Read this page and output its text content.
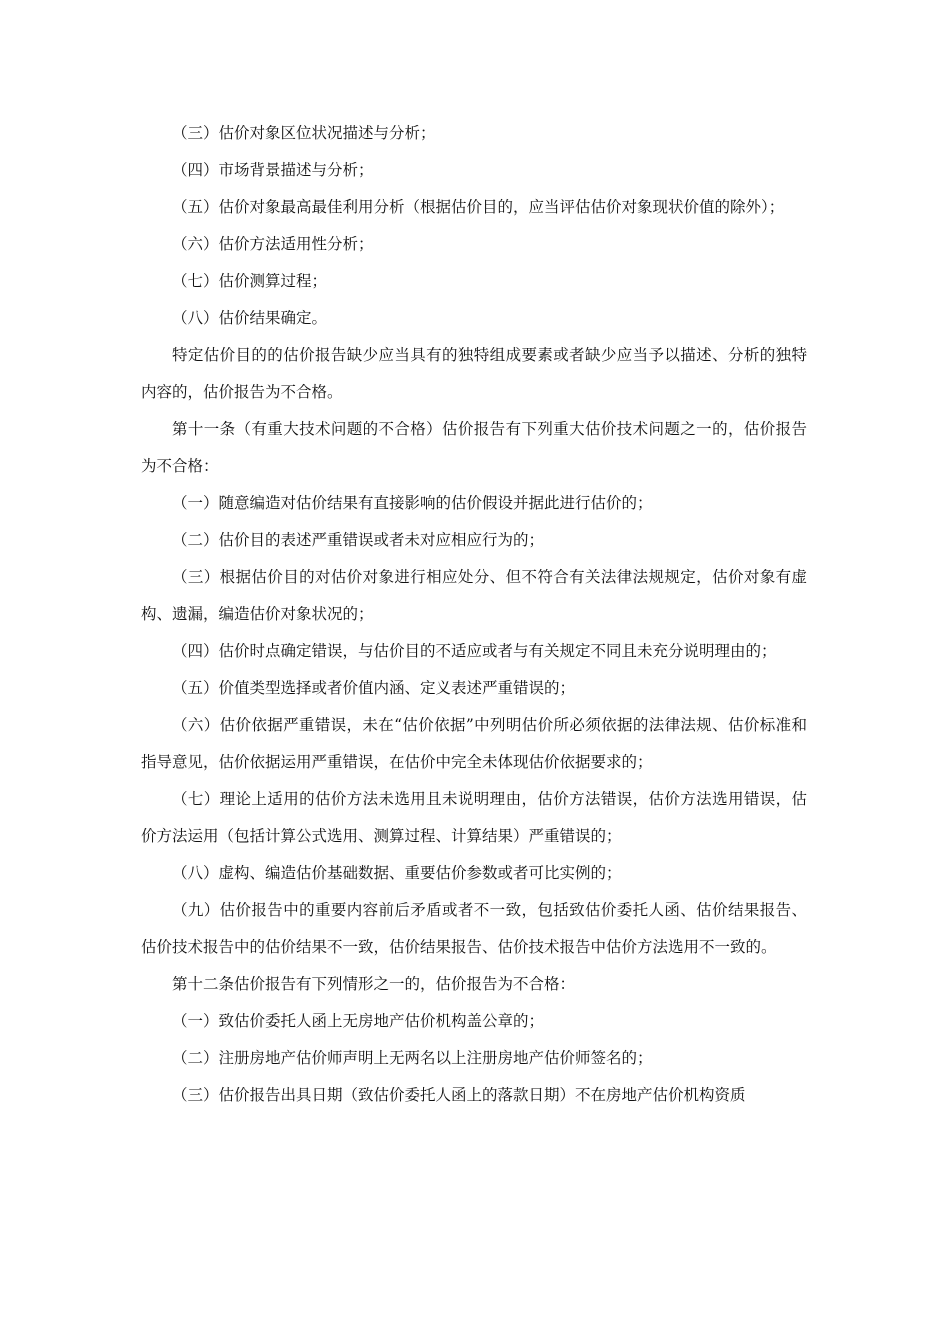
（三）估价对象区位状况描述与分析；

（四）市场背景描述与分析；

（五）估价对象最高最佳利用分析（根据估价目的，应当评估估价对象现状价值的除外）；

（六）估价方法适用性分析；

（七）估价测算过程；

（八）估价结果确定。

特定估价目的的估价报告缺少应当具有的独特组成要素或者缺少应当予以描述、分析的独特内容的，估价报告为不合格。

第十一条（有重大技术问题的不合格）估价报告有下列重大估价技术问题之一的，估价报告为不合格：

（一）随意编造对估价结果有直接影响的估价假设并据此进行估价的；

（二）估价目的表述严重错误或者未对应相应行为的；

（三）根据估价目的对估价对象进行相应处分、但不符合有关法律法规规定，估价对象有虚构、遗漏，编造估价对象状况的；

（四）估价时点确定错误，与估价目的不适应或者与有关规定不同且未充分说明理由的；

（五）价值类型选择或者价值内涵、定义表述严重错误的；

（六）估价依据严重错误，未在“估价依据”中列明估价所必须依据的法律法规、估价标准和指导意见，估价依据运用严重错误，在估价中完全未体现估价依据要求的；

（七）理论上适用的估价方法未选用且未说明理由，估价方法错误，估价方法选用错误，估价方法运用（包括计算公式选用、测算过程、计算结果）严重错误的；

（八）虚构、编造估价基础数据、重要估价参数或者可比实例的；

（九）估价报告中的重要内容前后矛盾或者不一致，包括致估价委托人函、估价结果报告、估价技术报告中的估价结果不一致，估价结果报告、估价技术报告中估价方法选用不一致的。

第十二条估价报告有下列情形之一的，估价报告为不合格：

（一）致估价委托人函上无房地产估价机构盖公章的；

（二）注册房地产估价师声明上无两名以上注册房地产估价师签名的；

（三）估价报告出具日期（致估价委托人函上的落款日期）不在房地产估价机构资质
